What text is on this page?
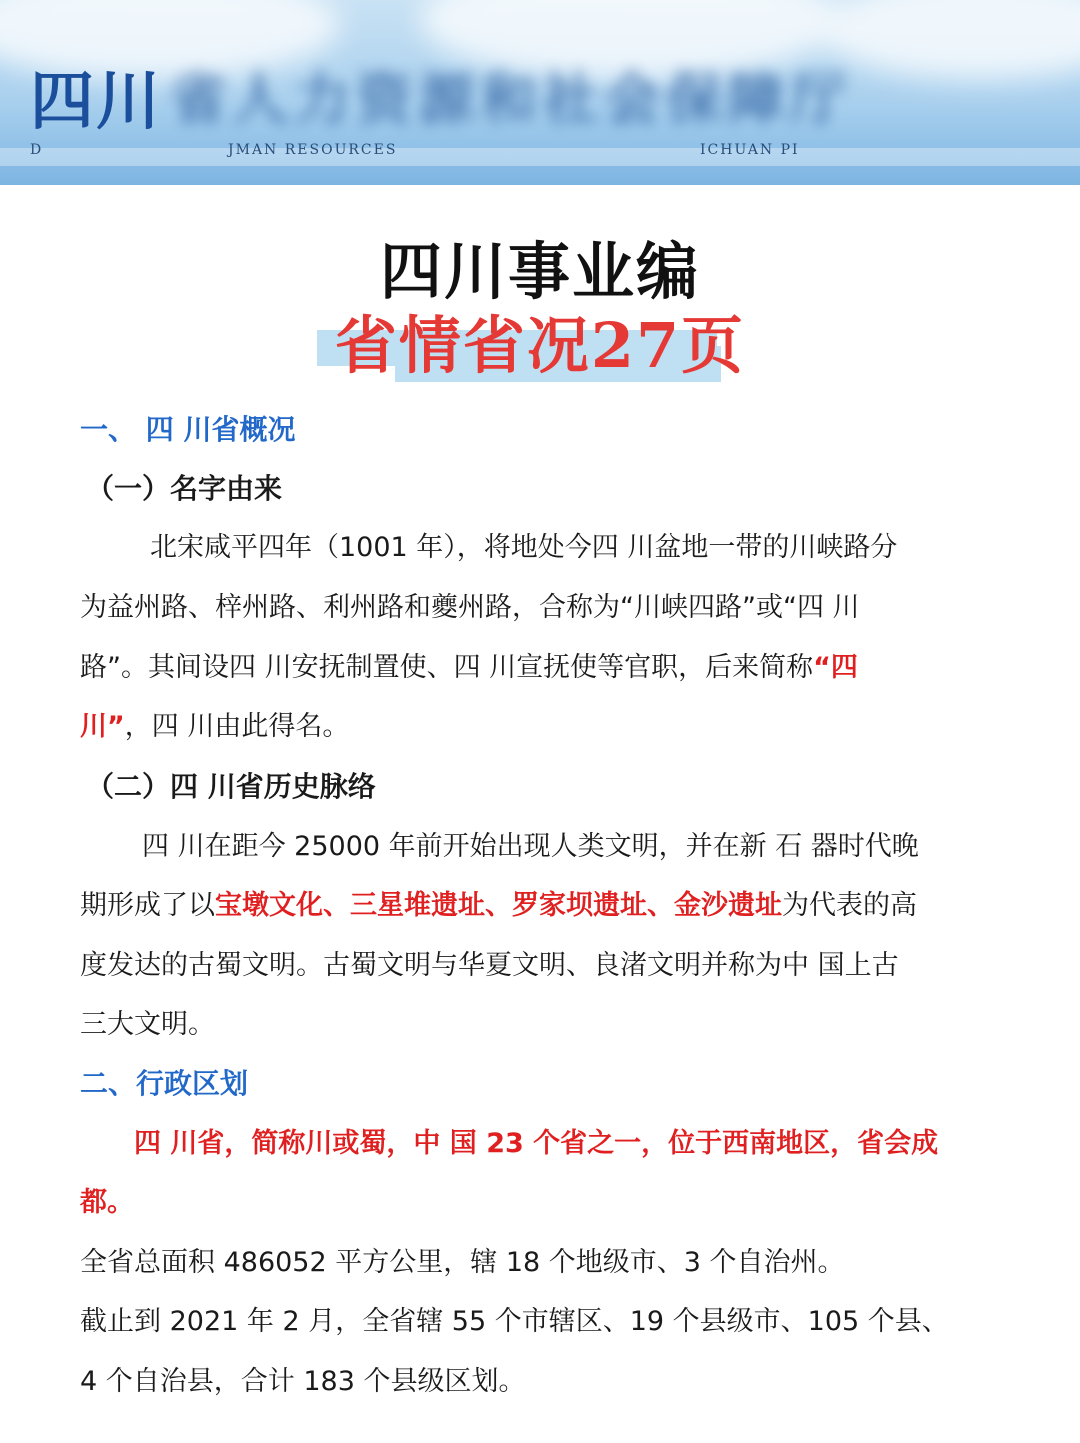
四川 省人力资源和社会保障厅
D	JMAN RESOURCES	ICHUAN PI
四川事业编
省情省况27页
一、 四 川省概况
（一）名字由来
北宋咸平四年（1001 年），将地处今四 川盆地一带的川峡路分
为益州路、梓州路、利州路和夔州路，合称为“川峡四路”或“四 川
路”。其间设四 川安抚制置使、四 川宣抚使等官职，后来简称“四
川”，四 川由此得名。
（二）四 川省历史脉络
四 川在距今 25000 年前开始出现人类文明，并在新 石 器时代晚
期形成了以宝墩文化、三星堆遗址、罗家坝遗址、金沙遗址为代表的高
度发达的古蜀文明。古蜀文明与华夏文明、良渚文明并称为中 国上古
三大文明。
二、行政区划
四 川省，简称川或蜀，中 国 23 个省之一，位于西南地区，省会成
都。
全省总面积 486052 平方公里，辖 18 个地级市、3 个自治州。
截止到 2021 年 2 月，全省辖 55 个市辖区、19 个县级市、105 个县、
4 个自治县，合计 183 个县级区划。
